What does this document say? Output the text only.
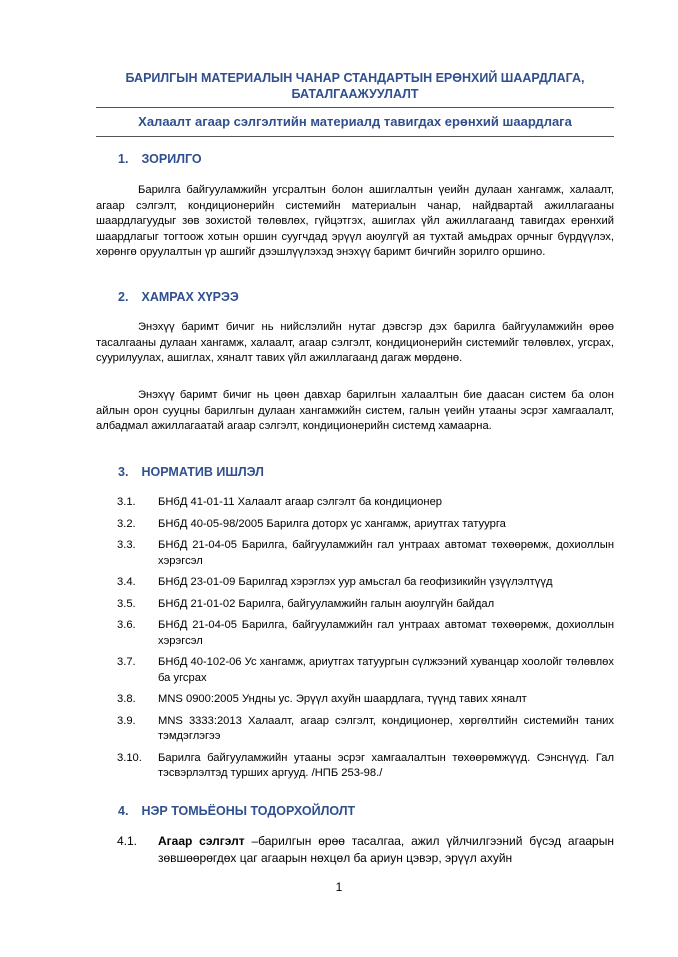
БАРИЛГЫН МАТЕРИАЛЫН ЧАНАР СТАНДАРТЫН ЕРӨНХИЙ ШААРДЛАГА, БАТАЛГААЖУУЛАЛТ
Халаалт агаар сэлгэлтийн материалд тавигдах ерөнхий шаардлага
1. ЗОРИЛГО

Барилга байгууламжийн угсралтын болон ашиглалтын үеийн дулаан хангамж, халаалт, агаар сэлгэлт, кондиционерийн системийн материалын чанар, найдвартай ажиллагааны шаардлагуудыг зөв зохистой төлөвлөх, гүйцэтгэх, ашиглах үйл ажиллагаанд тавигдах ерөнхий шаардлагыг тогтоож хотын оршин суугчдад эрүүл аюулгүй ая тухтай амьдрах орчныг бүрдүүлэх, хөрөнгө оруулалтын үр ашгийг дээшлүүлэхэд энэхүү баримт бичгийн зорилго оршино.

2. ХАМРАХ ХҮРЭЭ

Энэхүү баримт бичиг нь нийслэлийн нутаг дэвсгэр дэх барилга байгууламжийн өрөө тасалгааны дулаан хангамж, халаалт, агаар сэлгэлт, кондиционерийн системийг төлөвлөх, угсрах, суурилуулах, ашиглах, хяналт тавих үйл ажиллагаанд дагаж мөрдөнө.

Энэхүү баримт бичиг нь цөөн давхар барилгын халаалтын бие даасан систем ба олон айлын орон сууцны барилгын дулаан хангамжийн систем, галын үеийн утааны эсрэг хамгаалалт, албадмал ажиллагаатай агаар сэлгэлт, кондиционерийн системд хамаарна.

3. НОРМАТИВ ИШЛЭЛ
3.1. БНбД 41-01-11 Халаалт агаар сэлгэлт ба кондиционер
3.2. БНбД 40-05-98/2005 Барилга доторх ус хангамж, ариутгах татуурга
3.3. БНбД 21-04-05 Барилга, байгууламжийн гал унтраах автомат төхөөрөмж, дохиоллын хэрэгсэл
3.4. БНбД 23-01-09 Барилгад хэрэглэх уур амьсгал ба геофизикийн үзүүлэлтүүд
3.5. БНбД 21-01-02 Барилга, байгууламжийн галын аюулгүйн байдал
3.6. БНбД 21-04-05 Барилга, байгууламжийн гал унтраах автомат төхөөрөмж, дохиоллын хэрэгсэл
3.7. БНбД 40-102-06 Ус хангамж, ариутгах татуургын сүлжээний хуванцар хоолойг төлөвлөх ба угсрах
3.8. MNS 0900:2005 Ундны ус. Эрүүл ахуйн шаардлага, түүнд тавих хяналт
3.9. MNS 3333:2013 Халаалт, агаар сэлгэлт, кондиционер, хөргөлтийн системийн таних тэмдэглэгээ
3.10. Барилга байгууламжийн утааны эсрэг хамгаалалтын төхөөрөмжүүд. Сэнснүүд. Гал тэсвэрлэлтэд турших аргууд. /НПБ 253-98./
4. НЭР ТОМЬЁОНЫ ТОДОРХОЙЛОЛТ
4.1. Агаар сэлгэлт –барилгын өрөө тасалгаа, ажил үйлчилгээний бүсэд агаарын зөвшөөрөгдөх цаг агаарын нөхцөл ба ариун цэвэр, эрүүл ахуйн
1
